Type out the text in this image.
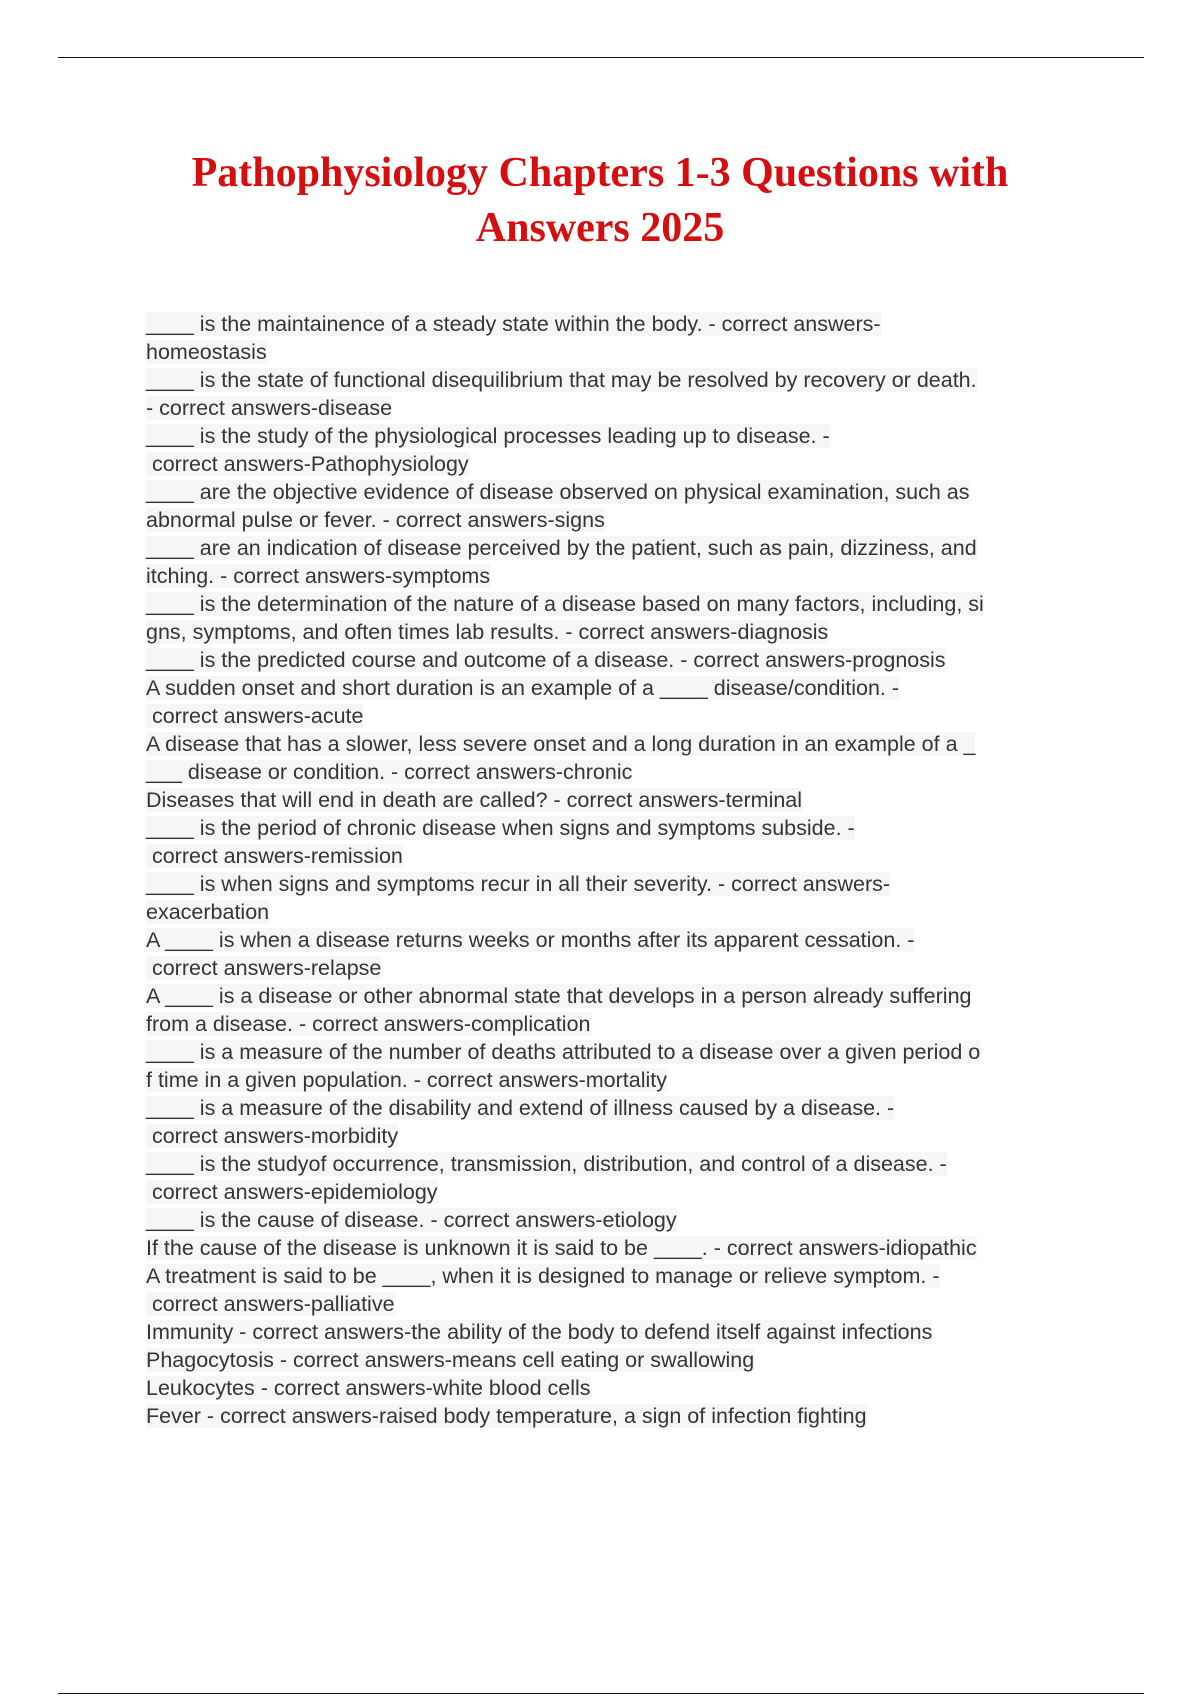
Pathophysiology Chapters 1-3 Questions with
Answers 2025
____ is the maintainence of a steady state within the body. - correct answers-
homeostasis
____ is the state of functional disequilibrium that may be resolved by recovery or death.
- correct answers-disease
____ is the study of the physiological processes leading up to disease. -
correct answers-Pathophysiology
____ are the objective evidence of disease observed on physical examination, such as
abnormal pulse or fever. - correct answers-signs
____ are an indication of disease perceived by the patient, such as pain, dizziness, and
itching. - correct answers-symptoms
____ is the determination of the nature of a disease based on many factors, including, si
gns, symptoms, and often times lab results. - correct answers-diagnosis
____ is the predicted course and outcome of a disease. - correct answers-prognosis
A sudden onset and short duration is an example of a ____ disease/condition. -
correct answers-acute
A disease that has a slower, less severe onset and a long duration in an example of a _
___ disease or condition. - correct answers-chronic
Diseases that will end in death are called? - correct answers-terminal
____ is the period of chronic disease when signs and symptoms subside. -
correct answers-remission
____ is when signs and symptoms recur in all their severity. - correct answers-
exacerbation
A ____ is when a disease returns weeks or months after its apparent cessation. -
correct answers-relapse
A ____ is a disease or other abnormal state that develops in a person already suffering
from a disease. - correct answers-complication
____ is a measure of the number of deaths attributed to a disease over a given period o
f time in a given population. - correct answers-mortality
____ is a measure of the disability and extend of illness caused by a disease. -
correct answers-morbidity
____ is the studyof occurrence, transmission, distribution, and control of a disease. -
correct answers-epidemiology
____ is the cause of disease. - correct answers-etiology
If the cause of the disease is unknown it is said to be ____. - correct answers-idiopathic
A treatment is said to be ____, when it is designed to manage or relieve symptom. -
correct answers-palliative
Immunity - correct answers-the ability of the body to defend itself against infections
Phagocytosis - correct answers-means cell eating or swallowing
Leukocytes - correct answers-white blood cells
Fever - correct answers-raised body temperature, a sign of infection fighting
